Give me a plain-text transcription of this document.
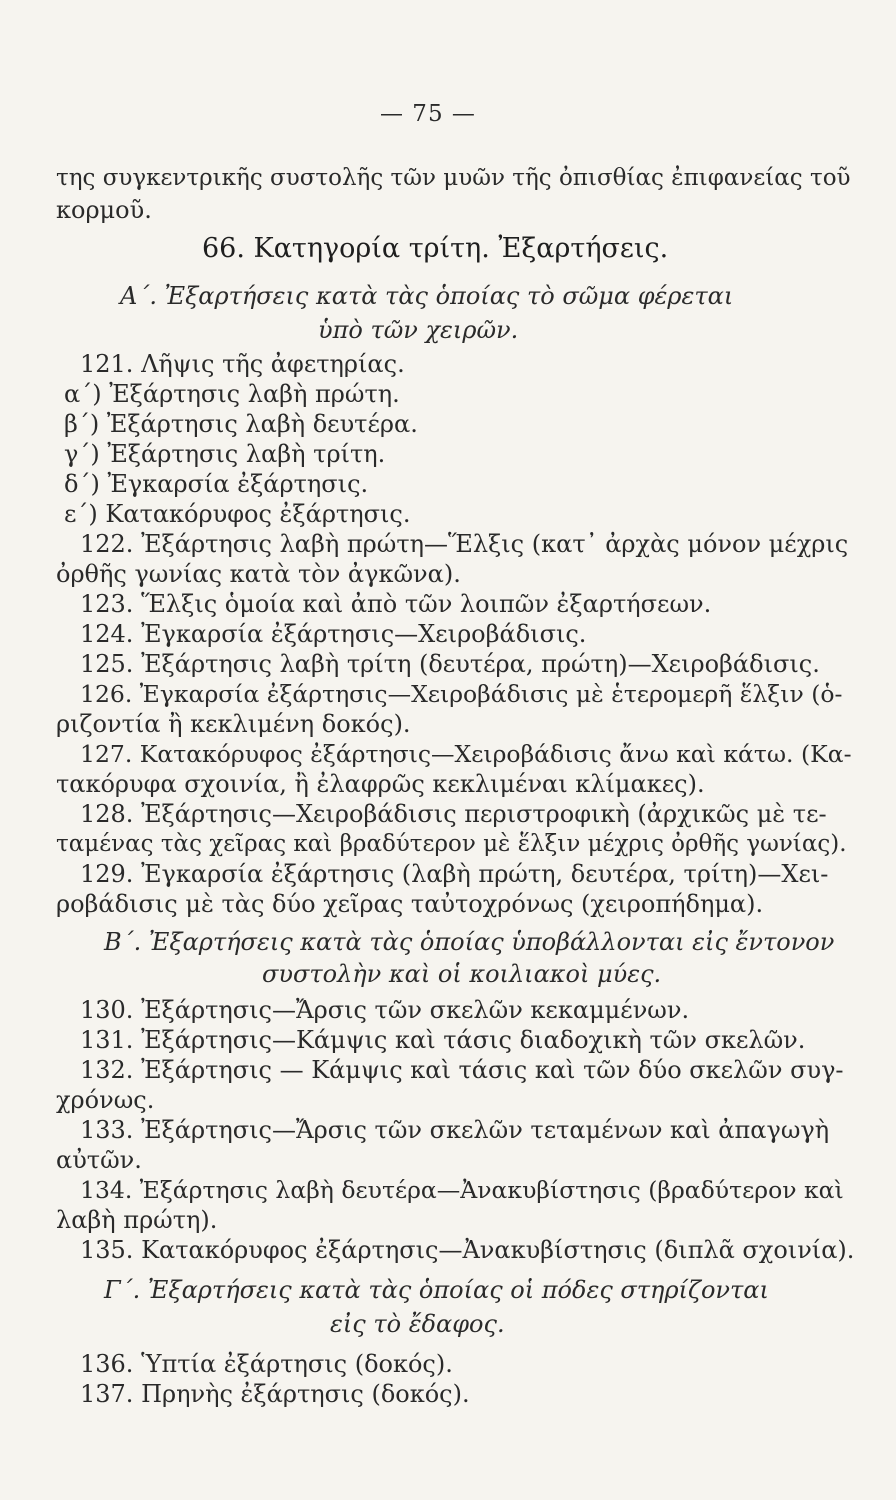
— 75 —
της συγκεντρικῆς συστολῆς τῶν μυῶν τῆς ὀπισθίας ἐπιφανείας τοῦ
κορμοῦ.
66. Κατηγορία τρίτη. Ἐξαρτήσεις.
Α΄. Ἐξαρτήσεις κατὰ τὰς ὁποίας τὸ σῶμα φέρεται
ὑπὸ τῶν χειρῶν.
121. Λῆψις τῆς ἀφετηρίας.
α΄) Ἐξάρτησις λαβὴ πρώτη.
β΄) Ἐξάρτησις λαβὴ δευτέρα.
γ΄) Ἐξάρτησις λαβὴ τρίτη.
δ΄) Ἐγκαρσία ἐξάρτησις.
ε΄) Κατακόρυφος ἐξάρτησις.
122. Ἐξάρτησις λαβὴ πρώτη—Ἕλξις (κατ᾽ ἀρχὰς μόνον μέχρις
ὀρθῆς γωνίας κατὰ τὸν ἀγκῶνα).
123. Ἕλξις ὁμοία καὶ ἀπὸ τῶν λοιπῶν ἐξαρτήσεων.
124. Ἐγκαρσία ἐξάρτησις—Χειροβάδισις.
125. Ἐξάρτησις λαβὴ τρίτη (δευτέρα, πρώτη)—Χειροβάδισις.
126. Ἐγκαρσία ἐξάρτησις—Χειροβάδισις μὲ ἑτερομερῆ ἕλξιν (ὁ-
ριζοντία ἢ κεκλιμένη δοκός).
127. Κατακόρυφος ἐξάρτησις—Χειροβάδισις ἄνω καὶ κάτω. (Κα-
τακόρυφα σχοινία, ἢ ἐλαφρῶς κεκλιμέναι κλίμακες).
128. Ἐξάρτησις—Χειροβάδισις περιστροφικὴ (ἀρχικῶς μὲ τε-
ταμένας τὰς χεῖρας καὶ βραδύτερον μὲ ἕλξιν μέχρις ὀρθῆς γωνίας).
129. Ἐγκαρσία ἐξάρτησις (λαβὴ πρώτη, δευτέρα, τρίτη)—Χει-
ροβάδισις μὲ τὰς δύο χεῖρας ταὐτοχρόνως (χειροπήδημα).
Β΄. Ἐξαρτήσεις κατὰ τὰς ὁποίας ὑποβάλλονται εἰς ἔντονον
συστολὴν καὶ οἱ κοιλιακοὶ μύες.
130. Ἐξάρτησις—Ἄρσις τῶν σκελῶν κεκαμμένων.
131. Ἐξάρτησις—Κάμψις καὶ τάσις διαδοχικὴ τῶν σκελῶν.
132. Ἐξάρτησις — Κάμψις καὶ τάσις καὶ τῶν δύο σκελῶν συγ-
χρόνως.
133. Ἐξάρτησις—Ἄρσις τῶν σκελῶν τεταμένων καὶ ἀπαγωγὴ
αὐτῶν.
134. Ἐξάρτησις λαβὴ δευτέρα—Ἀνακυβίστησις (βραδύτερον καὶ
λαβὴ πρώτη).
135. Κατακόρυφος ἐξάρτησις—Ἀνακυβίστησις (διπλᾶ σχοινία).
Γ΄. Ἐξαρτήσεις κατὰ τὰς ὁποίας οἱ πόδες στηρίζονται
εἰς τὸ ἔδαφος.
136. Ὑπτία ἐξάρτησις (δοκός).
137. Πρηνὴς ἐξάρτησις (δοκός).
